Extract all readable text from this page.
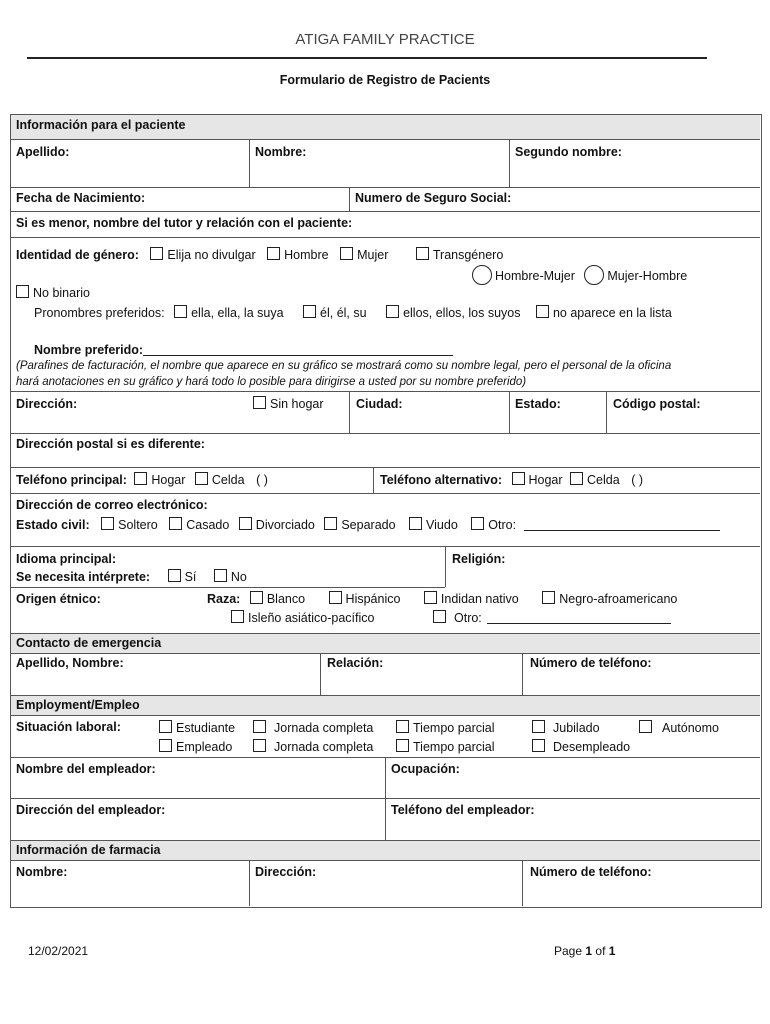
ATIGA FAMILY PRACTICE
Formulario de Registro de Pacients
Información para el paciente
Apellido:	Nombre:	Segundo nombre:
Fecha de Nacimiento:	Numero de Seguro Social:
Si es menor, nombre del tutor y relación con el paciente:
Identidad de género: Elija no divulgar Hombre Mujer	Transgénero
Hombre-Mujer	Mujer-Hombre
No binario
Pronombres preferidos: ella, ella, la suya	él, él, su	ellos, ellos, los suyos	no aparece en la lista
Nombre preferido:
(Parafines de facturación, el nombre que aparece en su gráfico se mostrará como su nombre legal, pero el personal de la oficina
hará anotaciones en su gráfico y hará todo lo posible para dirigirse a usted por su nombre preferido)
Dirección:	Sin hogar	Ciudad:	Estado:	Código postal:
Dirección postal si es diferente:
Teléfono principal: Hogar Celda ( )	Teléfono alternativo: Hogar Celda ( )
Dirección de correo electrónico:
Estado civil: Soltero Casado Divorciado Separado Viudo Otro:
Idioma principal:	Religión:
Se necesita intérprete:	Sí	No
Origen étnico:	Raza: Blanco	Hispánico	Indidan nativo	Negro-afroamericano
Isleño asiático-pacífico	Otro:
Contacto de emergencia
Apellido, Nombre:	Relación:	Número de teléfono:
Employment/Empleo
Situación laboral:	Estudiante	Jornada completa	Tiempo parcial	Jubilado	Autónomo
Empleado	Jornada completa	Tiempo parcial	Desempleado
Nombre del empleador:	Ocupación:
Dirección del empleador:	Teléfono del empleador:
Información de farmacia
Nombre:	Dirección:	Número de teléfono:
12/02/2021	Page 1 of 1
